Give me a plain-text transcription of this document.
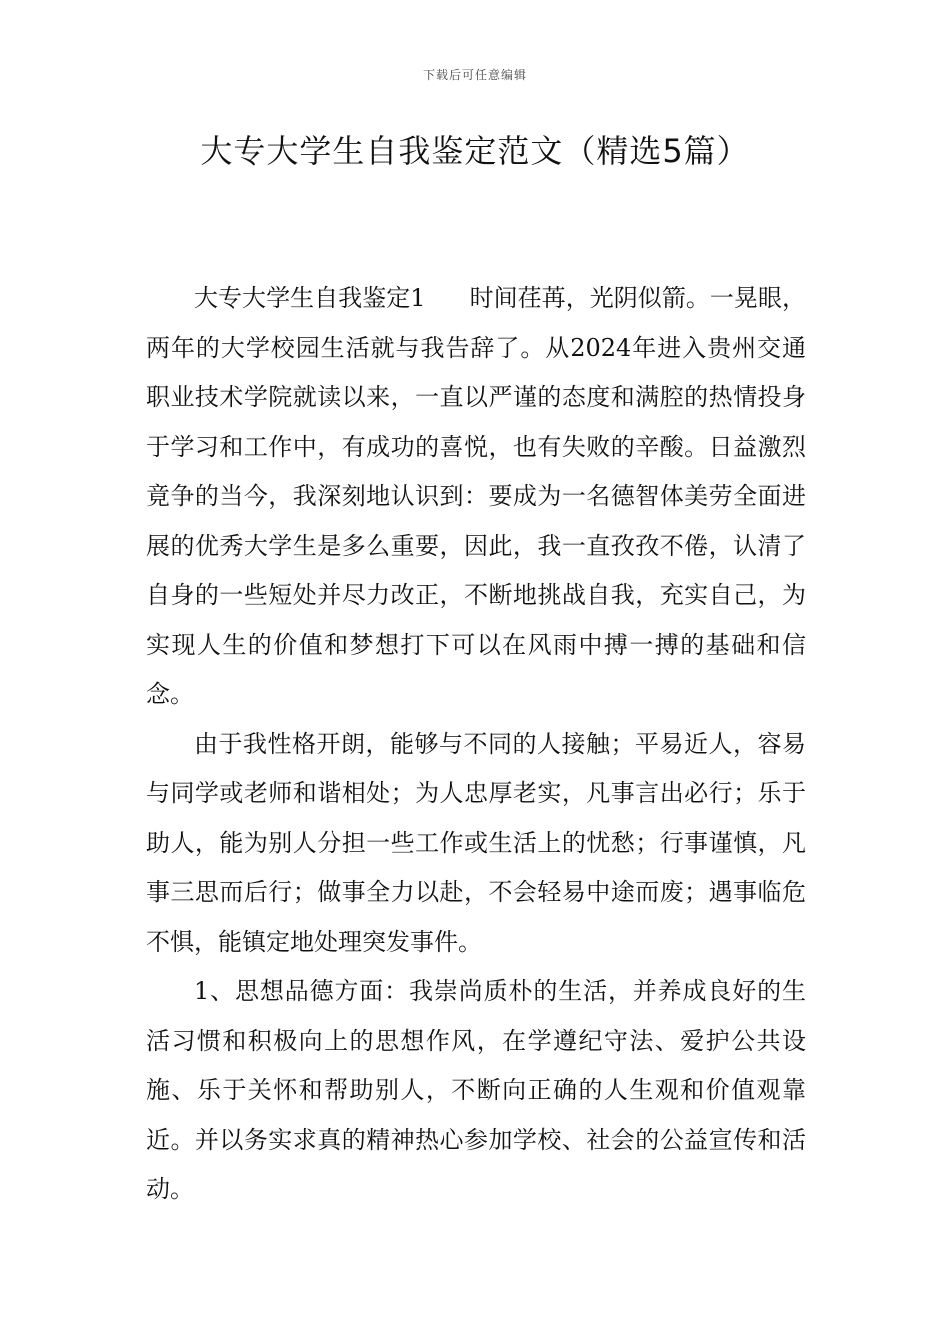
下载后可任意编辑
大专大学生自我鉴定范文（精选5篇）

大专大学生自我鉴定1 时间荏苒，光阴似箭。一晃眼，两年的大学校园生活就与我告辞了。从2024年进入贵州交通职业技术学院就读以来，一直以严谨的态度和满腔的热情投身于学习和工作中，有成功的喜悦，也有失败的辛酸。日益激烈竟争的当今，我深刻地认识到：要成为一名德智体美劳全面进展的优秀大学生是多么重要，因此，我一直孜孜不倦，认清了自身的一些短处并尽力改正，不断地挑战自我，充实自己，为实现人生的价值和梦想打下可以在风雨中搏一搏的基础和信念。

由于我性格开朗，能够与不同的人接触；平易近人，容易与同学或老师和谐相处；为人忠厚老实，凡事言出必行；乐于助人，能为别人分担一些工作或生活上的忧愁；行事谨慎，凡事三思而后行；做事全力以赴，不会轻易中途而废；遇事临危不惧，能镇定地处理突发事件。

1、思想品德方面：我崇尚质朴的生活，并养成良好的生活习惯和积极向上的思想作风，在学遵纪守法、爱护公共设施、乐于关怀和帮助别人，不断向正确的人生观和价值观靠近。并以务实求真的精神热心参加学校、社会的公益宣传和活动。
